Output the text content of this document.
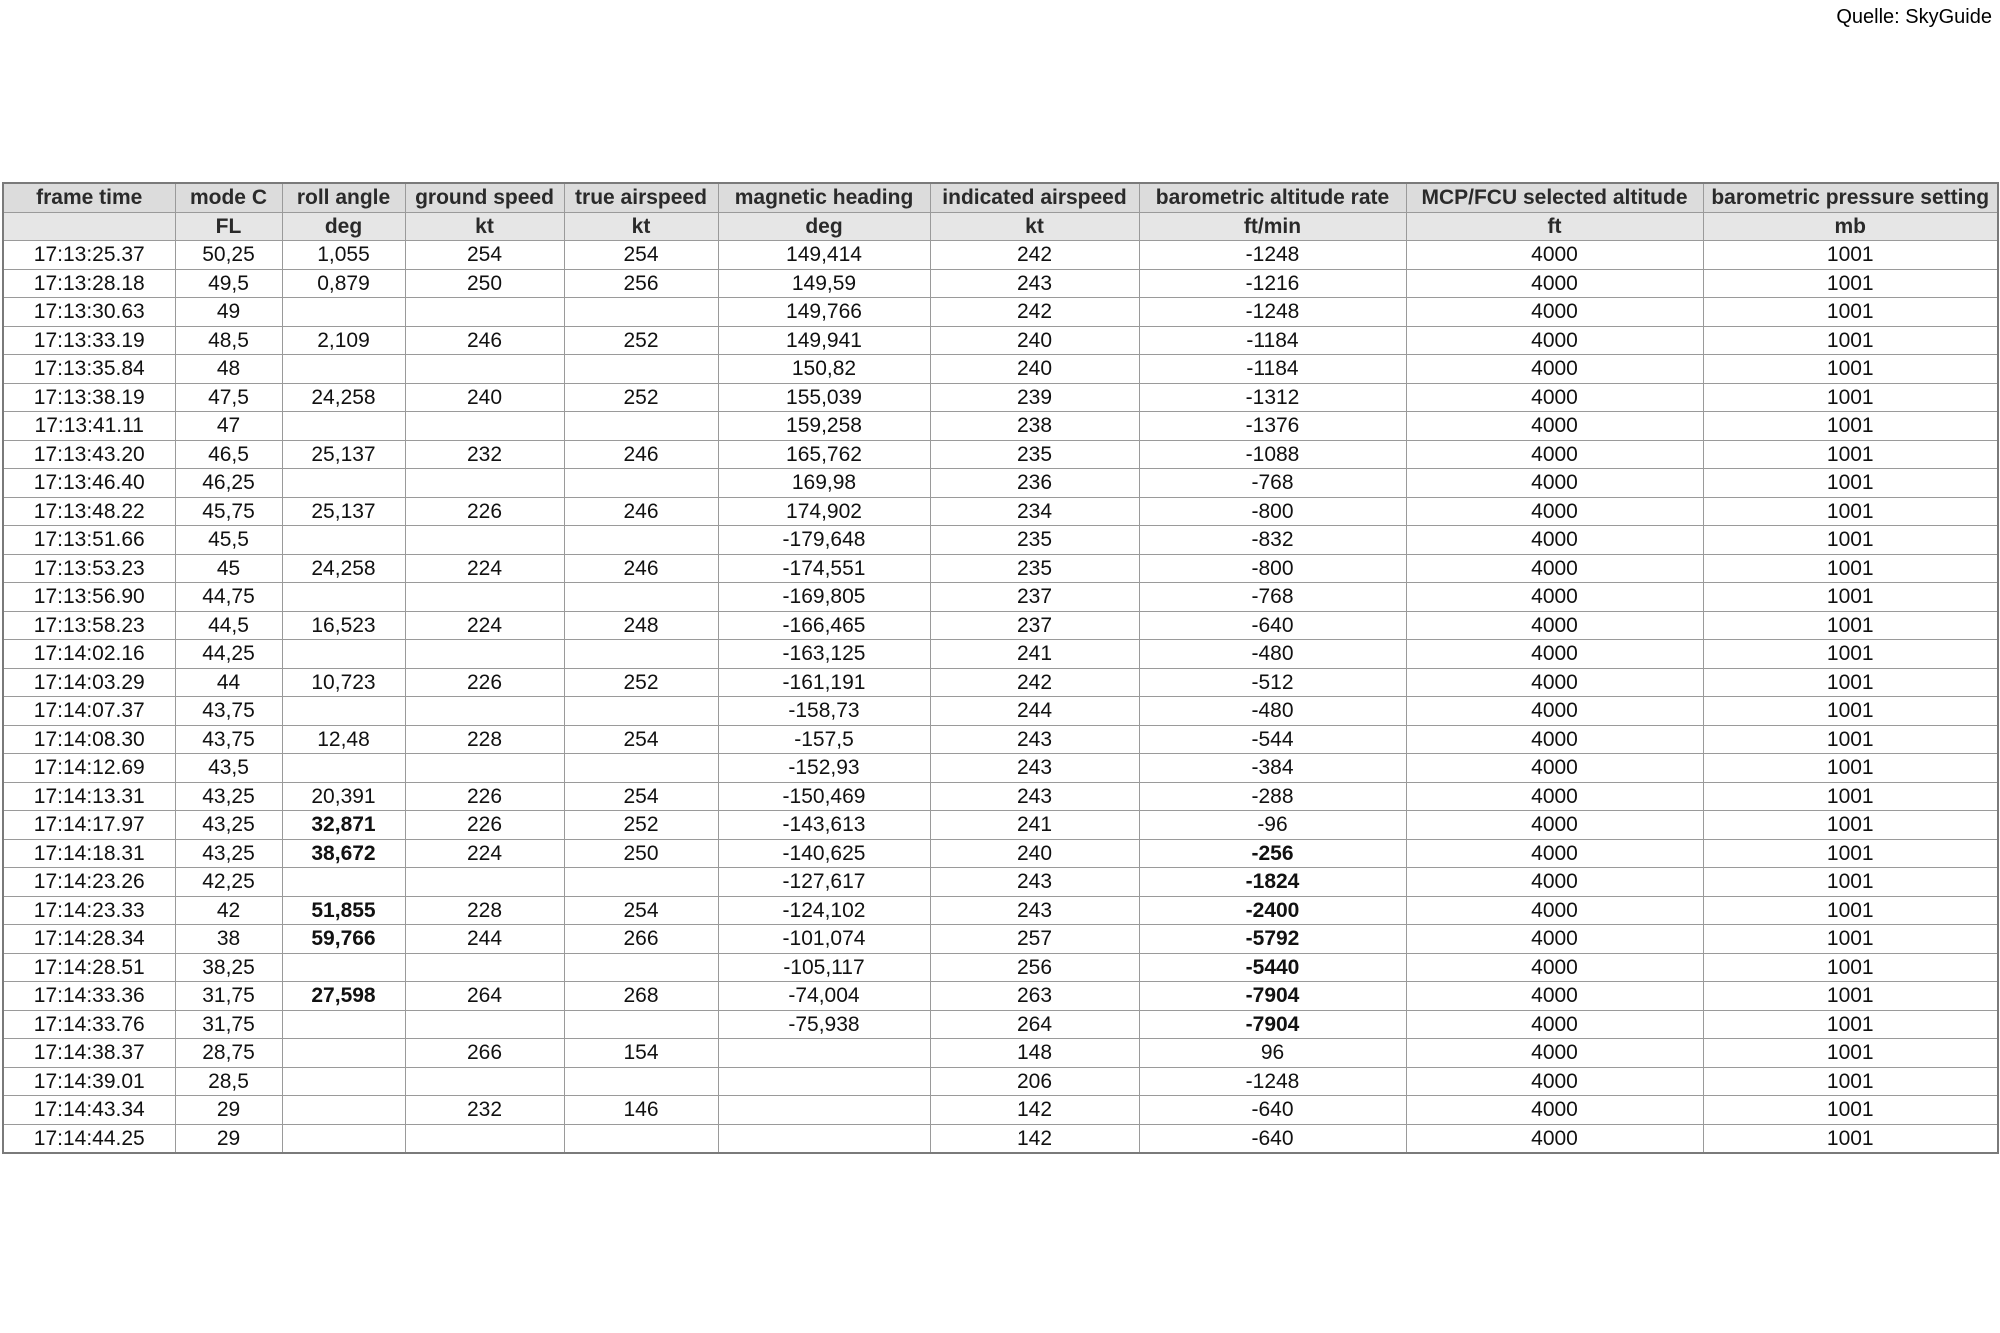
Quelle: SkyGuide
frame time	mode C	roll angle	ground speed	true airspeed	magnetic heading	indicated airspeed	barometric altitude rate	MCP/FCU selected altitude	barometric pressure setting
	FL	deg	kt	kt	deg	kt	ft/min	ft	mb
17:13:25.37	50,25	1,055	254	254	149,414	242	-1248	4000	1001
17:13:28.18	49,5	0,879	250	256	149,59	243	-1216	4000	1001
17:13:30.63	49				149,766	242	-1248	4000	1001
17:13:33.19	48,5	2,109	246	252	149,941	240	-1184	4000	1001
17:13:35.84	48				150,82	240	-1184	4000	1001
17:13:38.19	47,5	24,258	240	252	155,039	239	-1312	4000	1001
17:13:41.11	47				159,258	238	-1376	4000	1001
17:13:43.20	46,5	25,137	232	246	165,762	235	-1088	4000	1001
17:13:46.40	46,25				169,98	236	-768	4000	1001
17:13:48.22	45,75	25,137	226	246	174,902	234	-800	4000	1001
17:13:51.66	45,5				-179,648	235	-832	4000	1001
17:13:53.23	45	24,258	224	246	-174,551	235	-800	4000	1001
17:13:56.90	44,75				-169,805	237	-768	4000	1001
17:13:58.23	44,5	16,523	224	248	-166,465	237	-640	4000	1001
17:14:02.16	44,25				-163,125	241	-480	4000	1001
17:14:03.29	44	10,723	226	252	-161,191	242	-512	4000	1001
17:14:07.37	43,75				-158,73	244	-480	4000	1001
17:14:08.30	43,75	12,48	228	254	-157,5	243	-544	4000	1001
17:14:12.69	43,5				-152,93	243	-384	4000	1001
17:14:13.31	43,25	20,391	226	254	-150,469	243	-288	4000	1001
17:14:17.97	43,25	32,871	226	252	-143,613	241	-96	4000	1001
17:14:18.31	43,25	38,672	224	250	-140,625	240	-256	4000	1001
17:14:23.26	42,25				-127,617	243	-1824	4000	1001
17:14:23.33	42	51,855	228	254	-124,102	243	-2400	4000	1001
17:14:28.34	38	59,766	244	266	-101,074	257	-5792	4000	1001
17:14:28.51	38,25				-105,117	256	-5440	4000	1001
17:14:33.36	31,75	27,598	264	268	-74,004	263	-7904	4000	1001
17:14:33.76	31,75				-75,938	264	-7904	4000	1001
17:14:38.37	28,75		266	154		148	96	4000	1001
17:14:39.01	28,5					206	-1248	4000	1001
17:14:43.34	29		232	146		142	-640	4000	1001
17:14:44.25	29					142	-640	4000	1001
